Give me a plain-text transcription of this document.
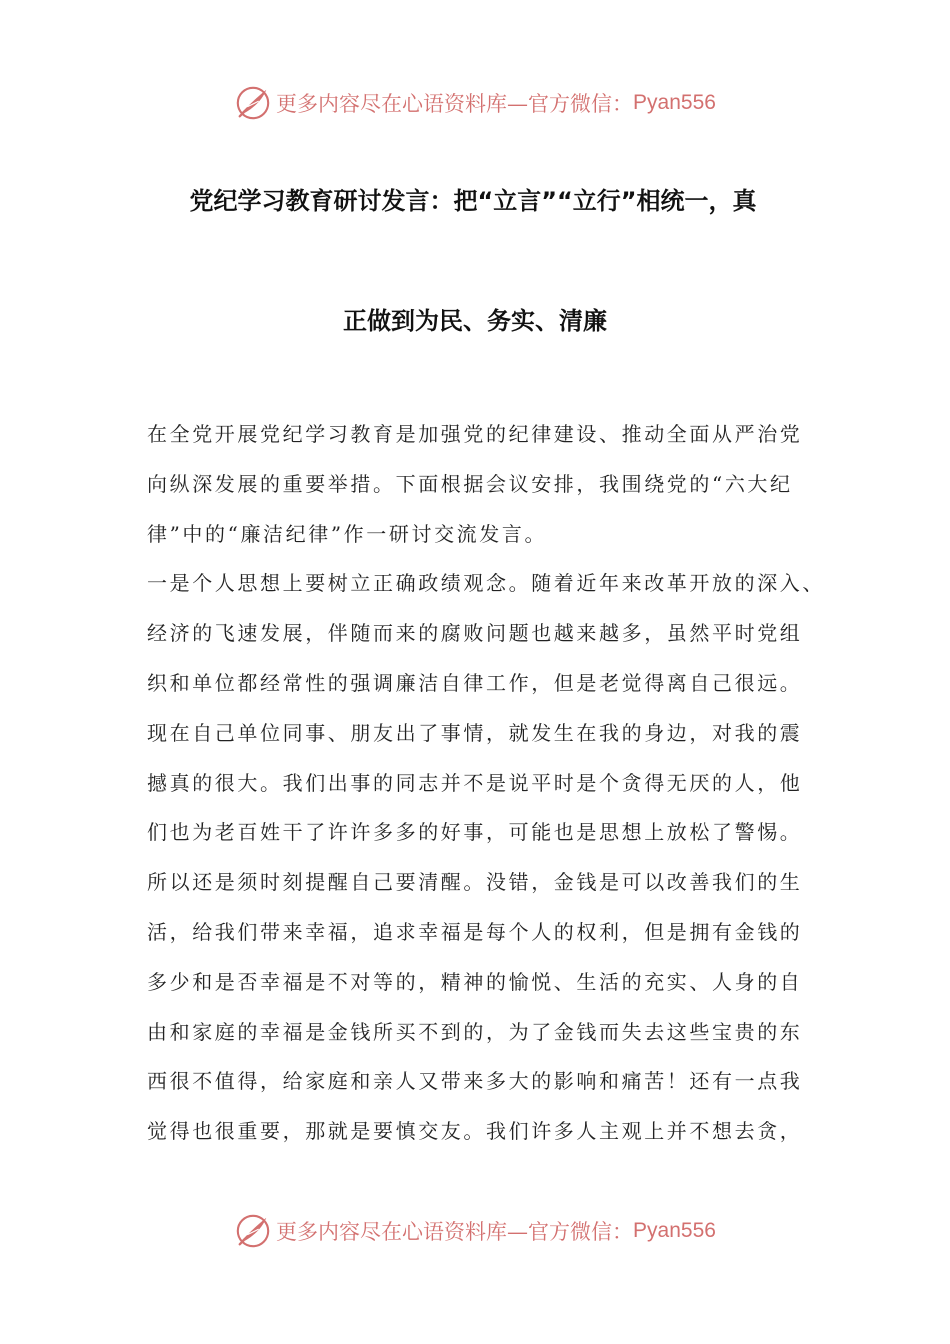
更多内容尽在心语资料库—官方微信： Pyan556
党纪学习教育研讨发言：把“立言”“立行”相统一，真
正做到为民、务实、清廉
在全党开展党纪学习教育是加强党的纪律建设、推动全面从严治党
向纵深发展的重要举措。下面根据会议安排，我围绕党的“六大纪
律”中的“廉洁纪律”作一研讨交流发言。
一是个人思想上要树立正确政绩观念。随着近年来改革开放的深入、
经济的飞速发展，伴随而来的腐败问题也越来越多，虽然平时党组
织和单位都经常性的强调廉洁自律工作，但是老觉得离自己很远。
现在自己单位同事、朋友出了事情，就发生在我的身边，对我的震
撼真的很大。我们出事的同志并不是说平时是个贪得无厌的人，他
们也为老百姓干了许许多多的好事，可能也是思想上放松了警惕。
所以还是须时刻提醒自己要清醒。没错，金钱是可以改善我们的生
活，给我们带来幸福，追求幸福是每个人的权利，但是拥有金钱的
多少和是否幸福是不对等的，精神的愉悦、生活的充实、人身的自
由和家庭的幸福是金钱所买不到的，为了金钱而失去这些宝贵的东
西很不值得，给家庭和亲人又带来多大的影响和痛苦！还有一点我
觉得也很重要，那就是要慎交友。我们许多人主观上并不想去贪，
更多内容尽在心语资料库—官方微信： Pyan556
